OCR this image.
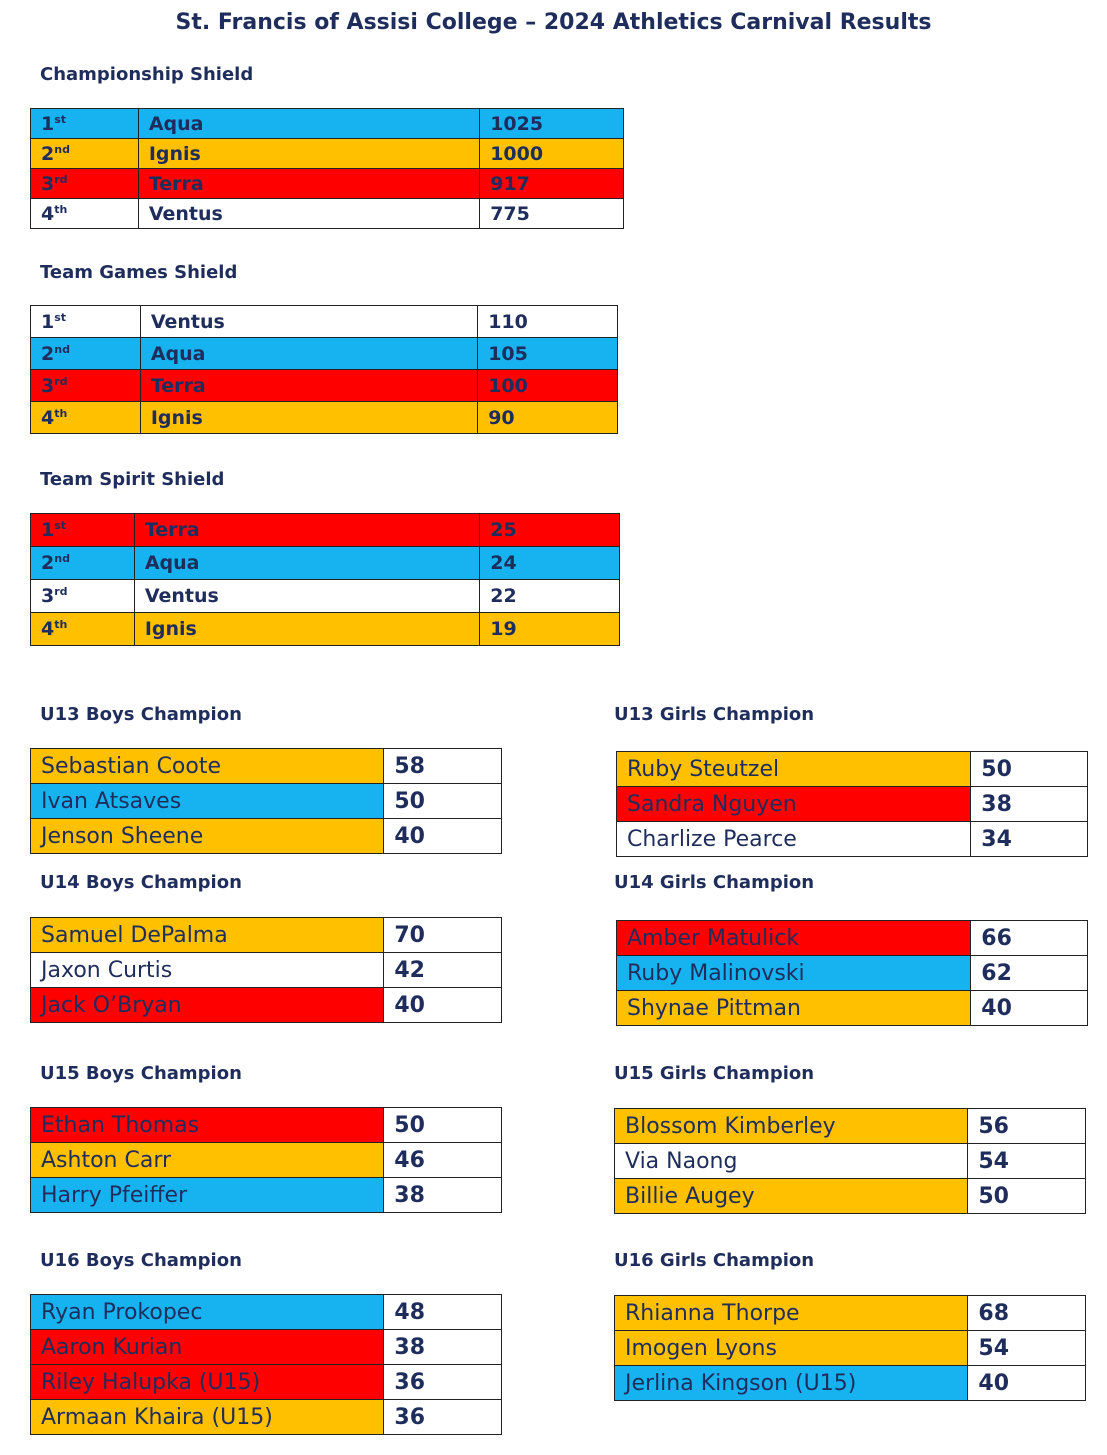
St. Francis of Assisi College – 2024 Athletics Carnival Results
Championship Shield
1st	Aqua	1025
2nd	Ignis	1000
3rd	Terra	917
4th	Ventus	775
Team Games Shield
1st	Ventus	110
2nd	Aqua	105
3rd	Terra	100
4th	Ignis	90
Team Spirit Shield
1st	Terra	25
2nd	Aqua	24
3rd	Ventus	22
4th	Ignis	19
U13 Boys Champion
Sebastian Coote	58
Ivan Atsaves	50
Jenson Sheene	40
U13 Girls Champion
Ruby Steutzel	50
Sandra Nguyen	38
Charlize Pearce	34
U14 Boys Champion
Samuel DePalma	70
Jaxon Curtis	42
Jack O’Bryan	40
U14 Girls Champion
Amber Matulick	66
Ruby Malinovski	62
Shynae Pittman	40
U15 Boys Champion
Ethan Thomas	50
Ashton Carr	46
Harry Pfeiffer	38
U15 Girls Champion
Blossom Kimberley	56
Via Naong	54
Billie Augey	50
U16 Boys Champion
Ryan Prokopec	48
Aaron Kurian	38
Riley Halupka (U15)	36
Armaan Khaira (U15)	36
U16 Girls Champion
Rhianna Thorpe	68
Imogen Lyons	54
Jerlina Kingson (U15)	40
